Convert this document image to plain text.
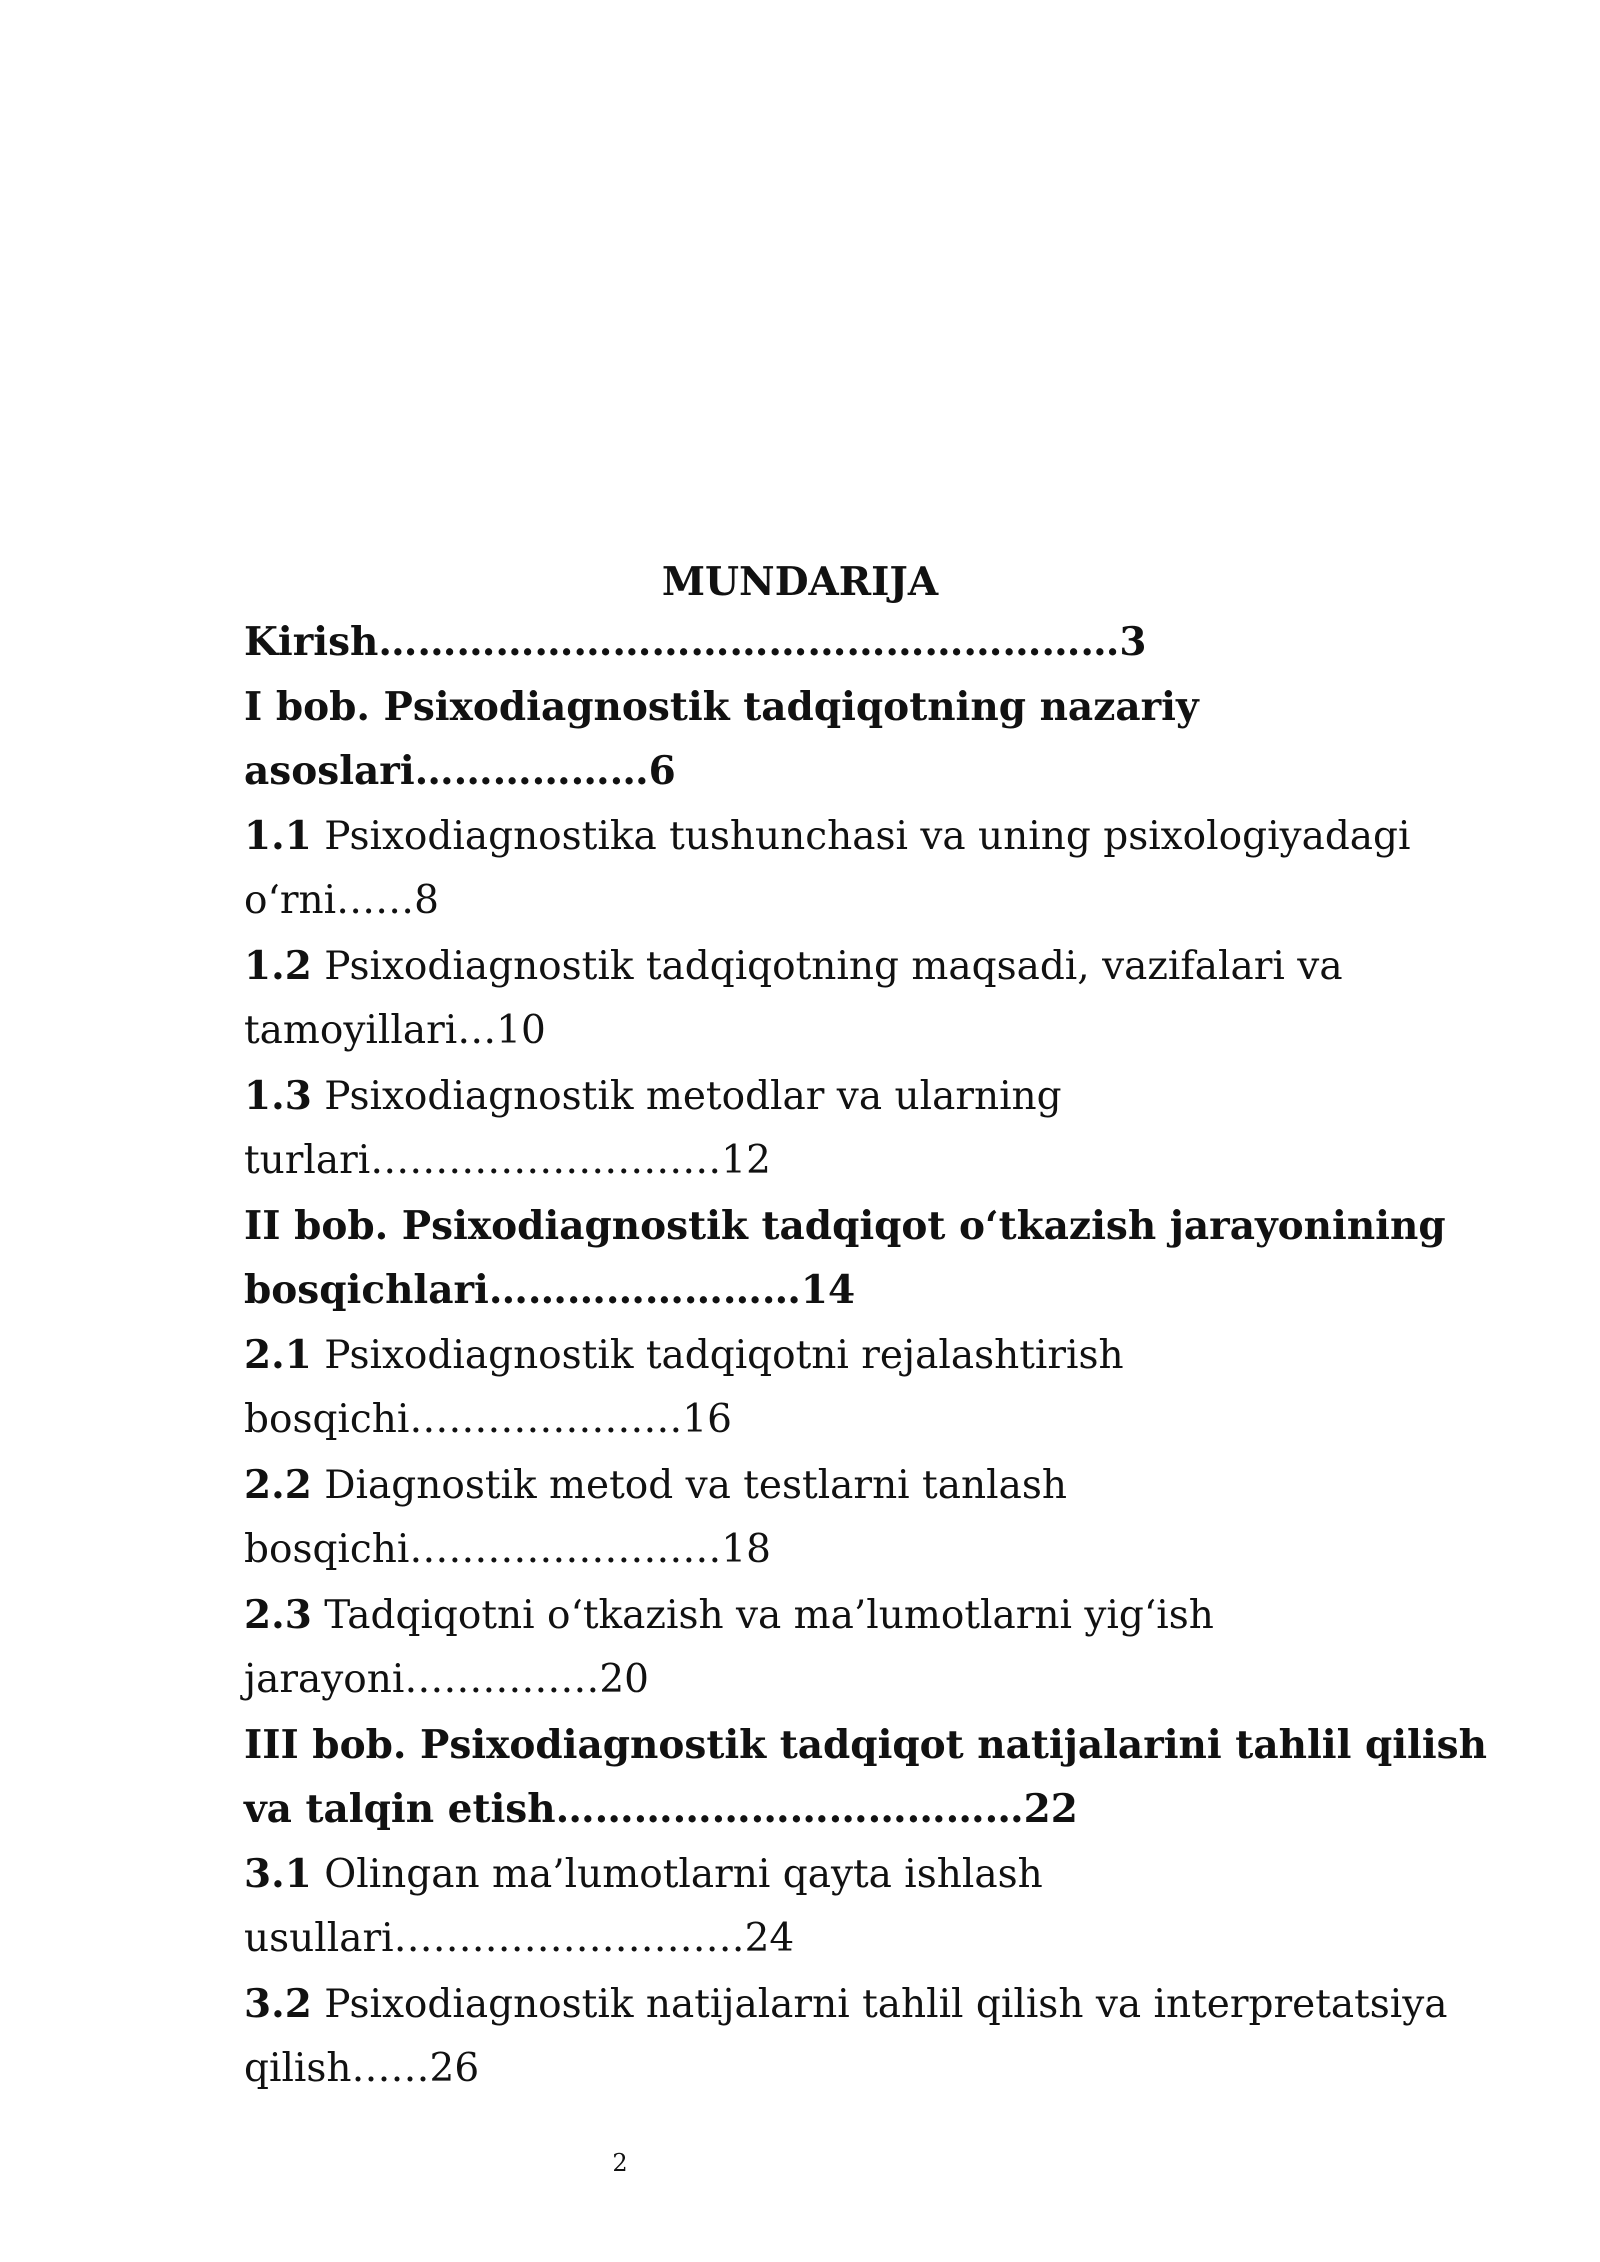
MUNDARIJA

Kirish…………………………………………………3

I bob. Psixodiagnostik tadqiqotning nazariy

asoslari………………6

1.1 Psixodiagnostika tushunchasi va uning psixologiyadagi

o‘rni……8

1.2 Psixodiagnostik tadqiqotning maqsadi, vazifalari va

tamoyillari…10

1.3 Psixodiagnostik metodlar va ularning

turlari………………………12

II bob. Psixodiagnostik tadqiqot o‘tkazish jarayonining

bosqichlari……………………14

2.1 Psixodiagnostik tadqiqotni rejalashtirish

bosqichi…………………16

2.2 Diagnostik metod va testlarni tanlash

bosqichi……………………18

2.3 Tadqiqotni o‘tkazish va ma’lumotlarni yig‘ish

jarayoni……………20

III bob. Psixodiagnostik tadqiqot natijalarini tahlil qilish

va talqin etish………………………………22

3.1 Olingan ma’lumotlarni qayta ishlash

usullari………………………24

3.2 Psixodiagnostik natijalarni tahlil qilish va interpretatsiya

qilish……26

2
